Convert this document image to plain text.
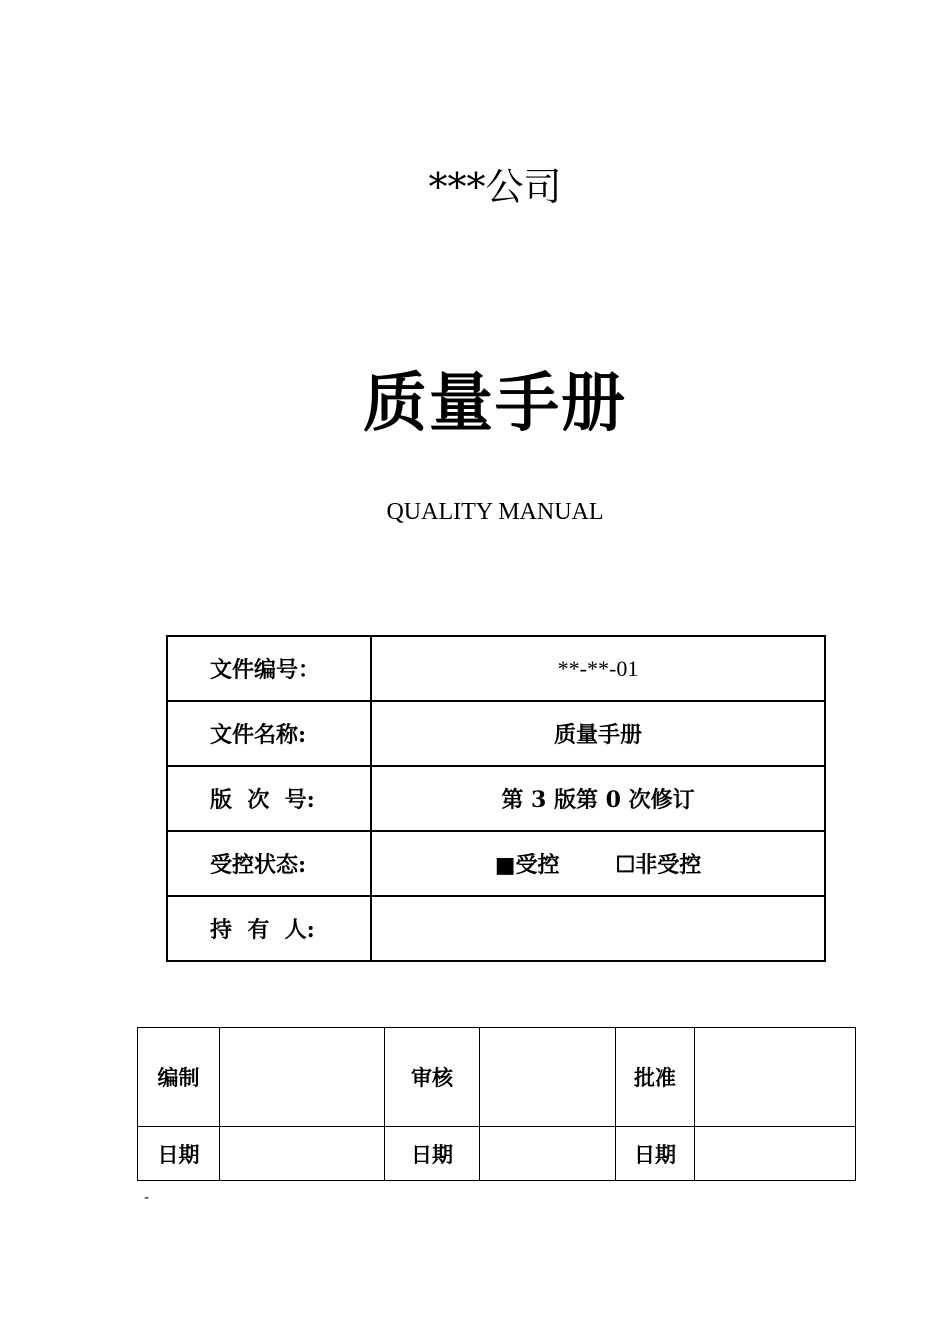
***公司
质量手册
QUALITY MANUAL
文件编号：	**-**-01
文件名称:	质量手册
版  次  号:	第 3 版第 0 次修订
受控状态:	■受控 ☐非受控
持  有  人:	
编制		审核		批准	
日期		日期		日期	
-
